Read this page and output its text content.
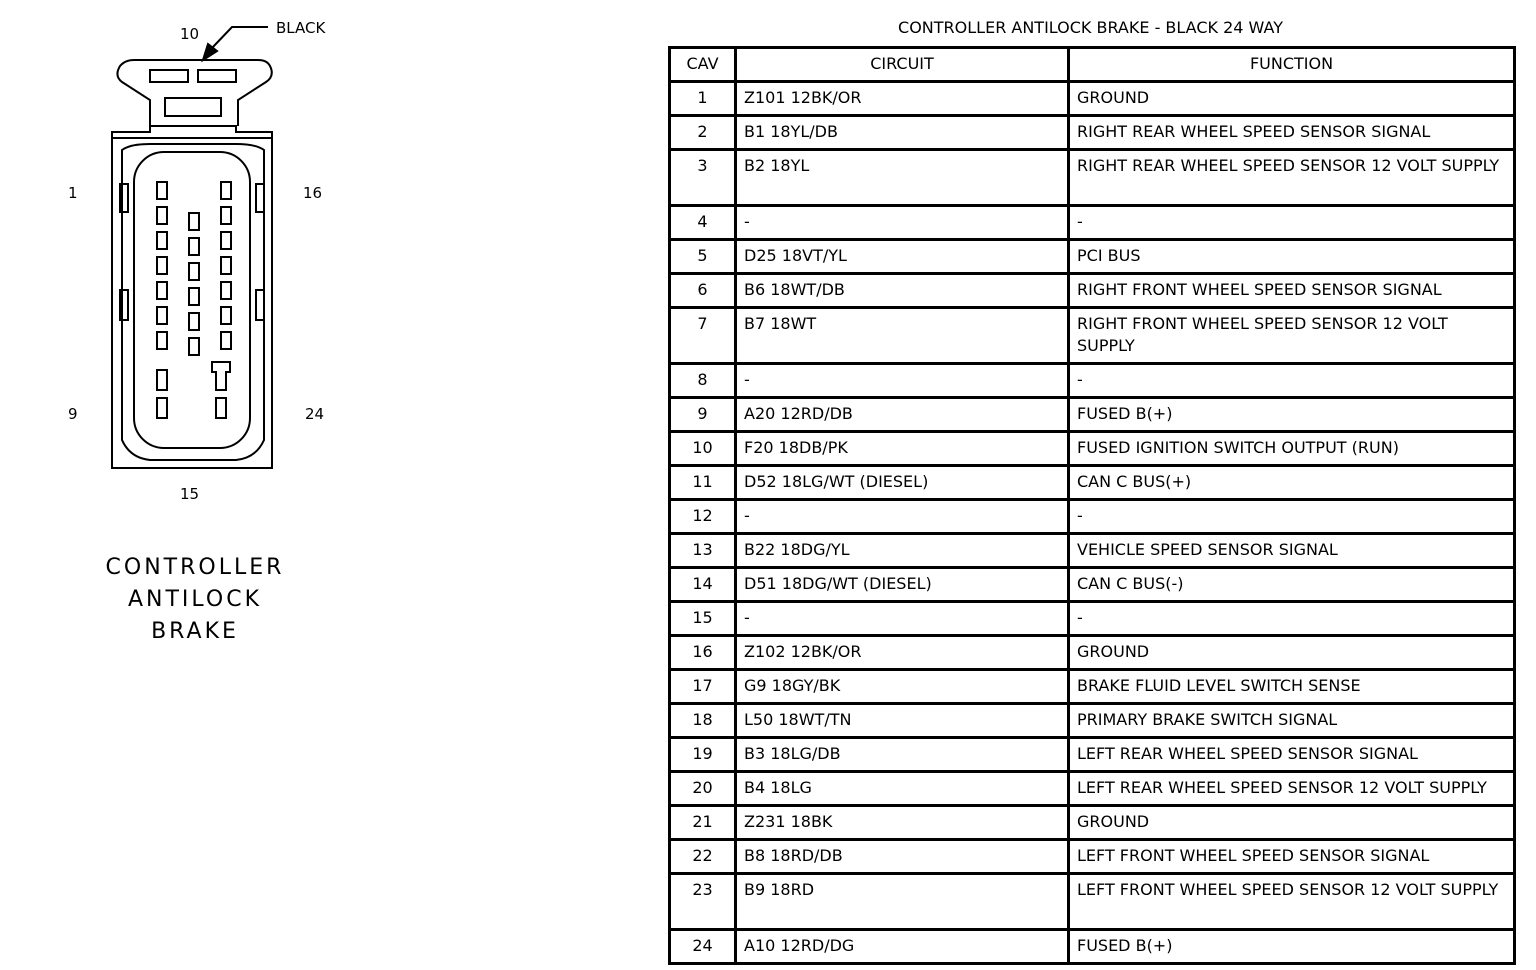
BLACK
10
1	16
9	24
15
CONTROLLER
ANTILOCK
BRAKE
CONTROLLER ANTILOCK BRAKE - BLACK 24 WAY
CAV	CIRCUIT	FUNCTION
1	Z101 12BK/OR	GROUND
2	B1 18YL/DB	RIGHT REAR WHEEL SPEED SENSOR SIGNAL
3	B2 18YL	RIGHT REAR WHEEL SPEED SENSOR 12 VOLT SUPPLY
4	-	-
5	D25 18VT/YL	PCI BUS
6	B6 18WT/DB	RIGHT FRONT WHEEL SPEED SENSOR SIGNAL
7	B7 18WT	RIGHT FRONT WHEEL SPEED SENSOR 12 VOLT SUPPLY
8	-	-
9	A20 12RD/DB	FUSED B(+)
10	F20 18DB/PK	FUSED IGNITION SWITCH OUTPUT (RUN)
11	D52 18LG/WT (DIESEL)	CAN C BUS(+)
12	-	-
13	B22 18DG/YL	VEHICLE SPEED SENSOR SIGNAL
14	D51 18DG/WT (DIESEL)	CAN C BUS(-)
15	-	-
16	Z102 12BK/OR	GROUND
17	G9 18GY/BK	BRAKE FLUID LEVEL SWITCH SENSE
18	L50 18WT/TN	PRIMARY BRAKE SWITCH SIGNAL
19	B3 18LG/DB	LEFT REAR WHEEL SPEED SENSOR SIGNAL
20	B4 18LG	LEFT REAR WHEEL SPEED SENSOR 12 VOLT SUPPLY
21	Z231 18BK	GROUND
22	B8 18RD/DB	LEFT FRONT WHEEL SPEED SENSOR SIGNAL
23	B9 18RD	LEFT FRONT WHEEL SPEED SENSOR 12 VOLT SUPPLY
24	A10 12RD/DG	FUSED B(+)
